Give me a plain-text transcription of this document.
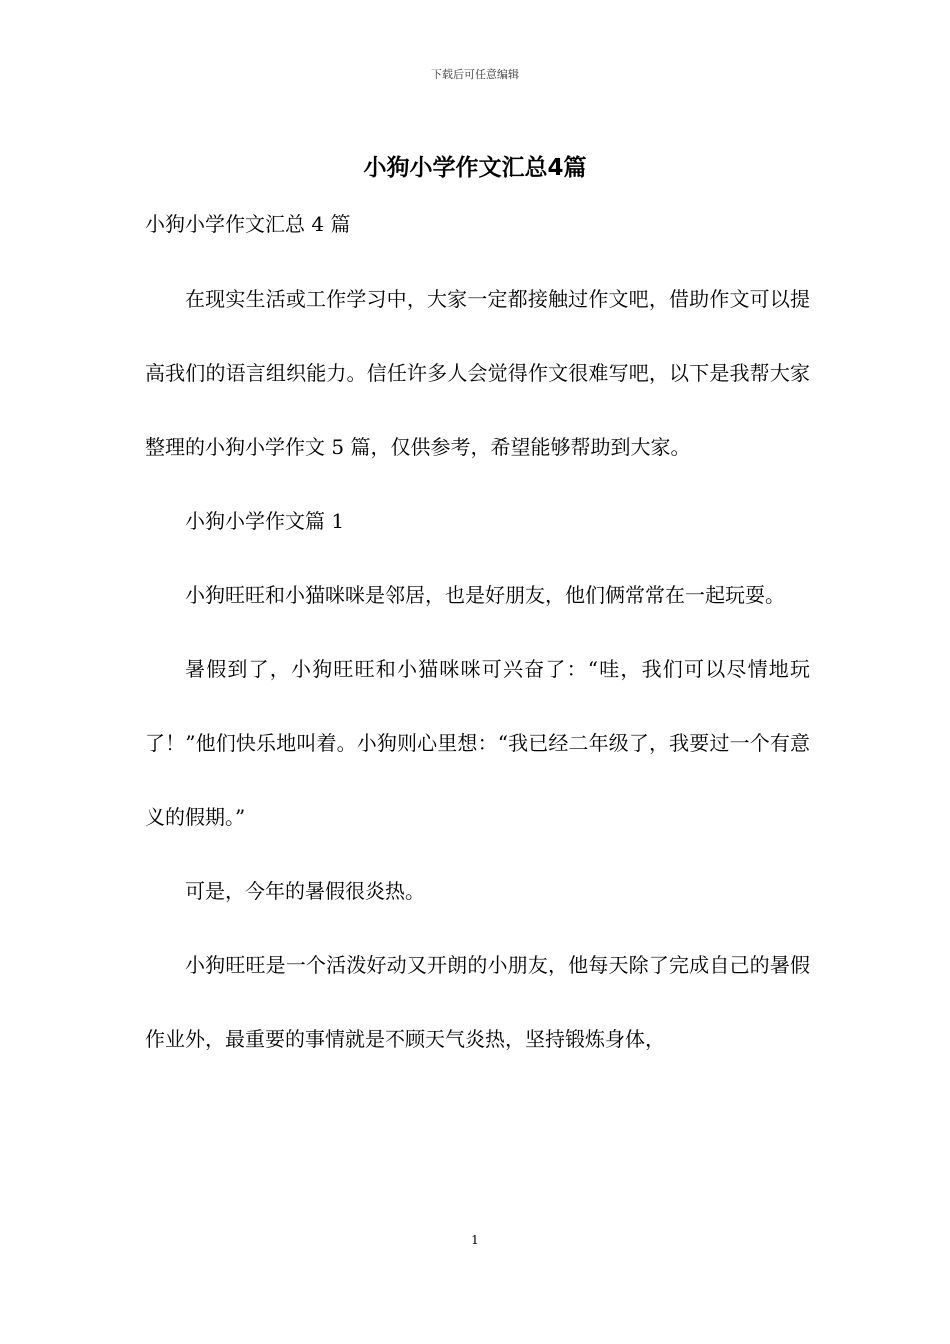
下载后可任意编辑
小狗小学作文汇总4篇

小狗小学作文汇总 4 篇

在现实生活或工作学习中，大家一定都接触过作文吧，借助作文可以提高我们的语言组织能力。信任许多人会觉得作文很难写吧，以下是我帮大家整理的小狗小学作文 5 篇，仅供参考，希望能够帮助到大家。

小狗小学作文篇 1

小狗旺旺和小猫咪咪是邻居，也是好朋友，他们俩常常在一起玩耍。

暑假到了，小狗旺旺和小猫咪咪可兴奋了：“哇，我们可以尽情地玩了！”他们快乐地叫着。小狗则心里想：“我已经二年级了，我要过一个有意义的假期。”

可是，今年的暑假很炎热。

小狗旺旺是一个活泼好动又开朗的小朋友，他每天除了完成自己的暑假作业外，最重要的事情就是不顾天气炎热，坚持锻炼身体，

1
